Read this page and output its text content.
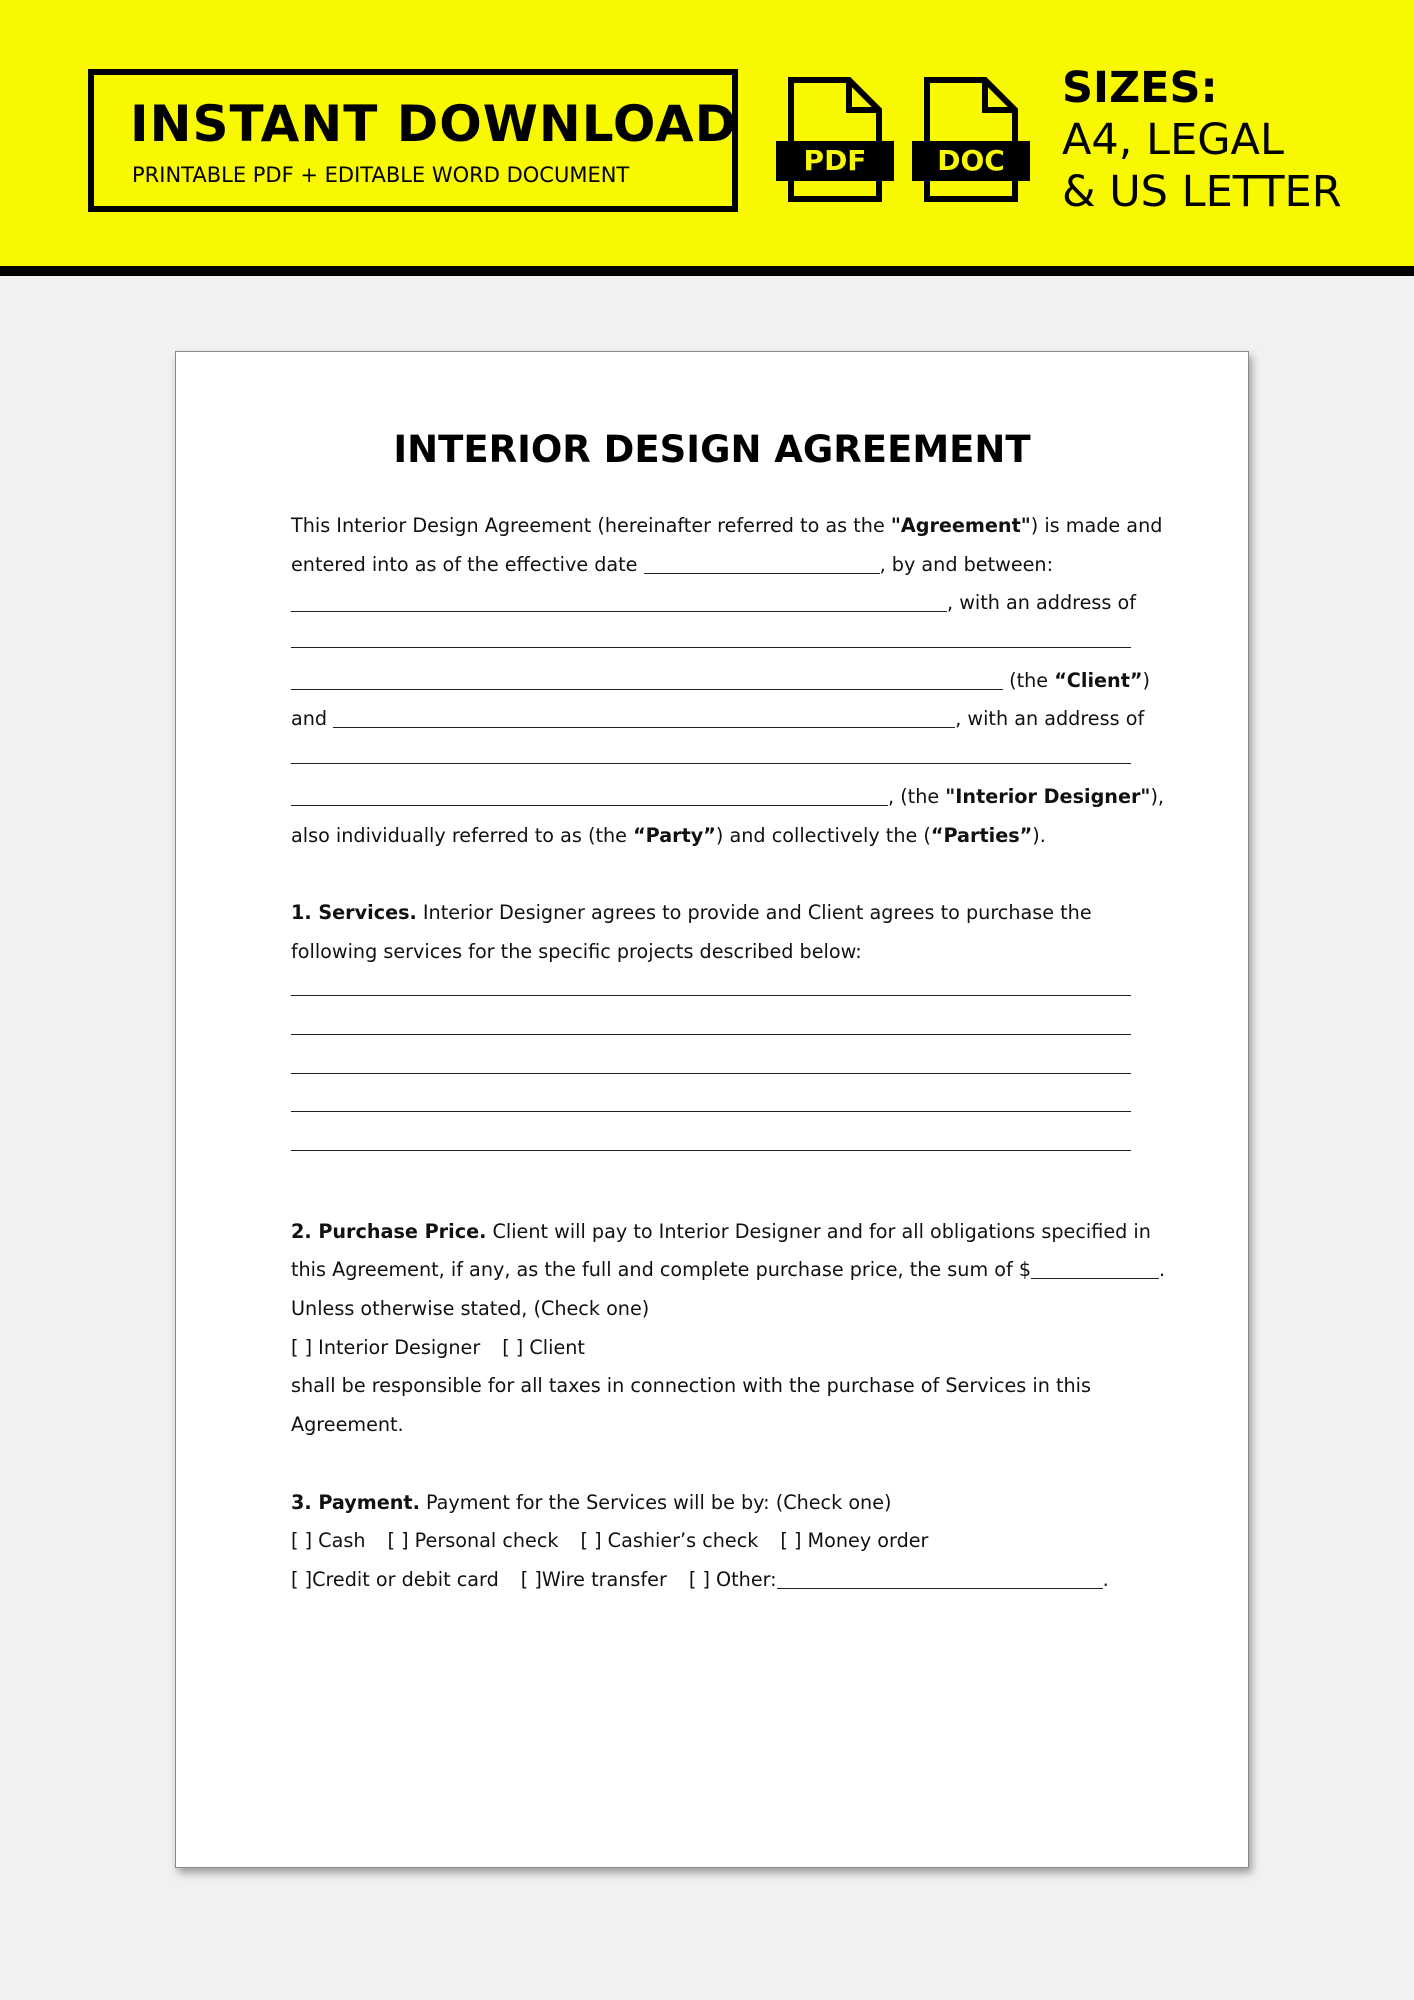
INSTANT DOWNLOAD
PRINTABLE PDF + EDITABLE WORD DOCUMENT	PDF	DOC
SIZES:
A4, LEGAL
& US LETTER
INTERIOR DESIGN AGREEMENT
This Interior Design Agreement (hereinafter referred to as the "Agreement") is made and
entered into as of the effective date	, by and between:
, with an address of
(the “Client”)
and	, with an address of
, (the "Interior Designer"),
also individually referred to as (the “Party”) and collectively the (“Parties”).
1. Services. Interior Designer agrees to provide and Client agrees to purchase the
following services for the specific projects described below:
2. Purchase Price. Client will pay to Interior Designer and for all obligations specified in
this Agreement, if any, as the full and complete purchase price, the sum of $	.
Unless otherwise stated, (Check one)
[ ] Interior Designer [ ] Client
shall be responsible for all taxes in connection with the purchase of Services in this
Agreement.
3. Payment. Payment for the Services will be by: (Check one)
[ ] Cash [ ] Personal check [ ] Cashier’s check [ ] Money order
[ ]Credit or debit card [ ]Wire transfer [ ] Other:	.
